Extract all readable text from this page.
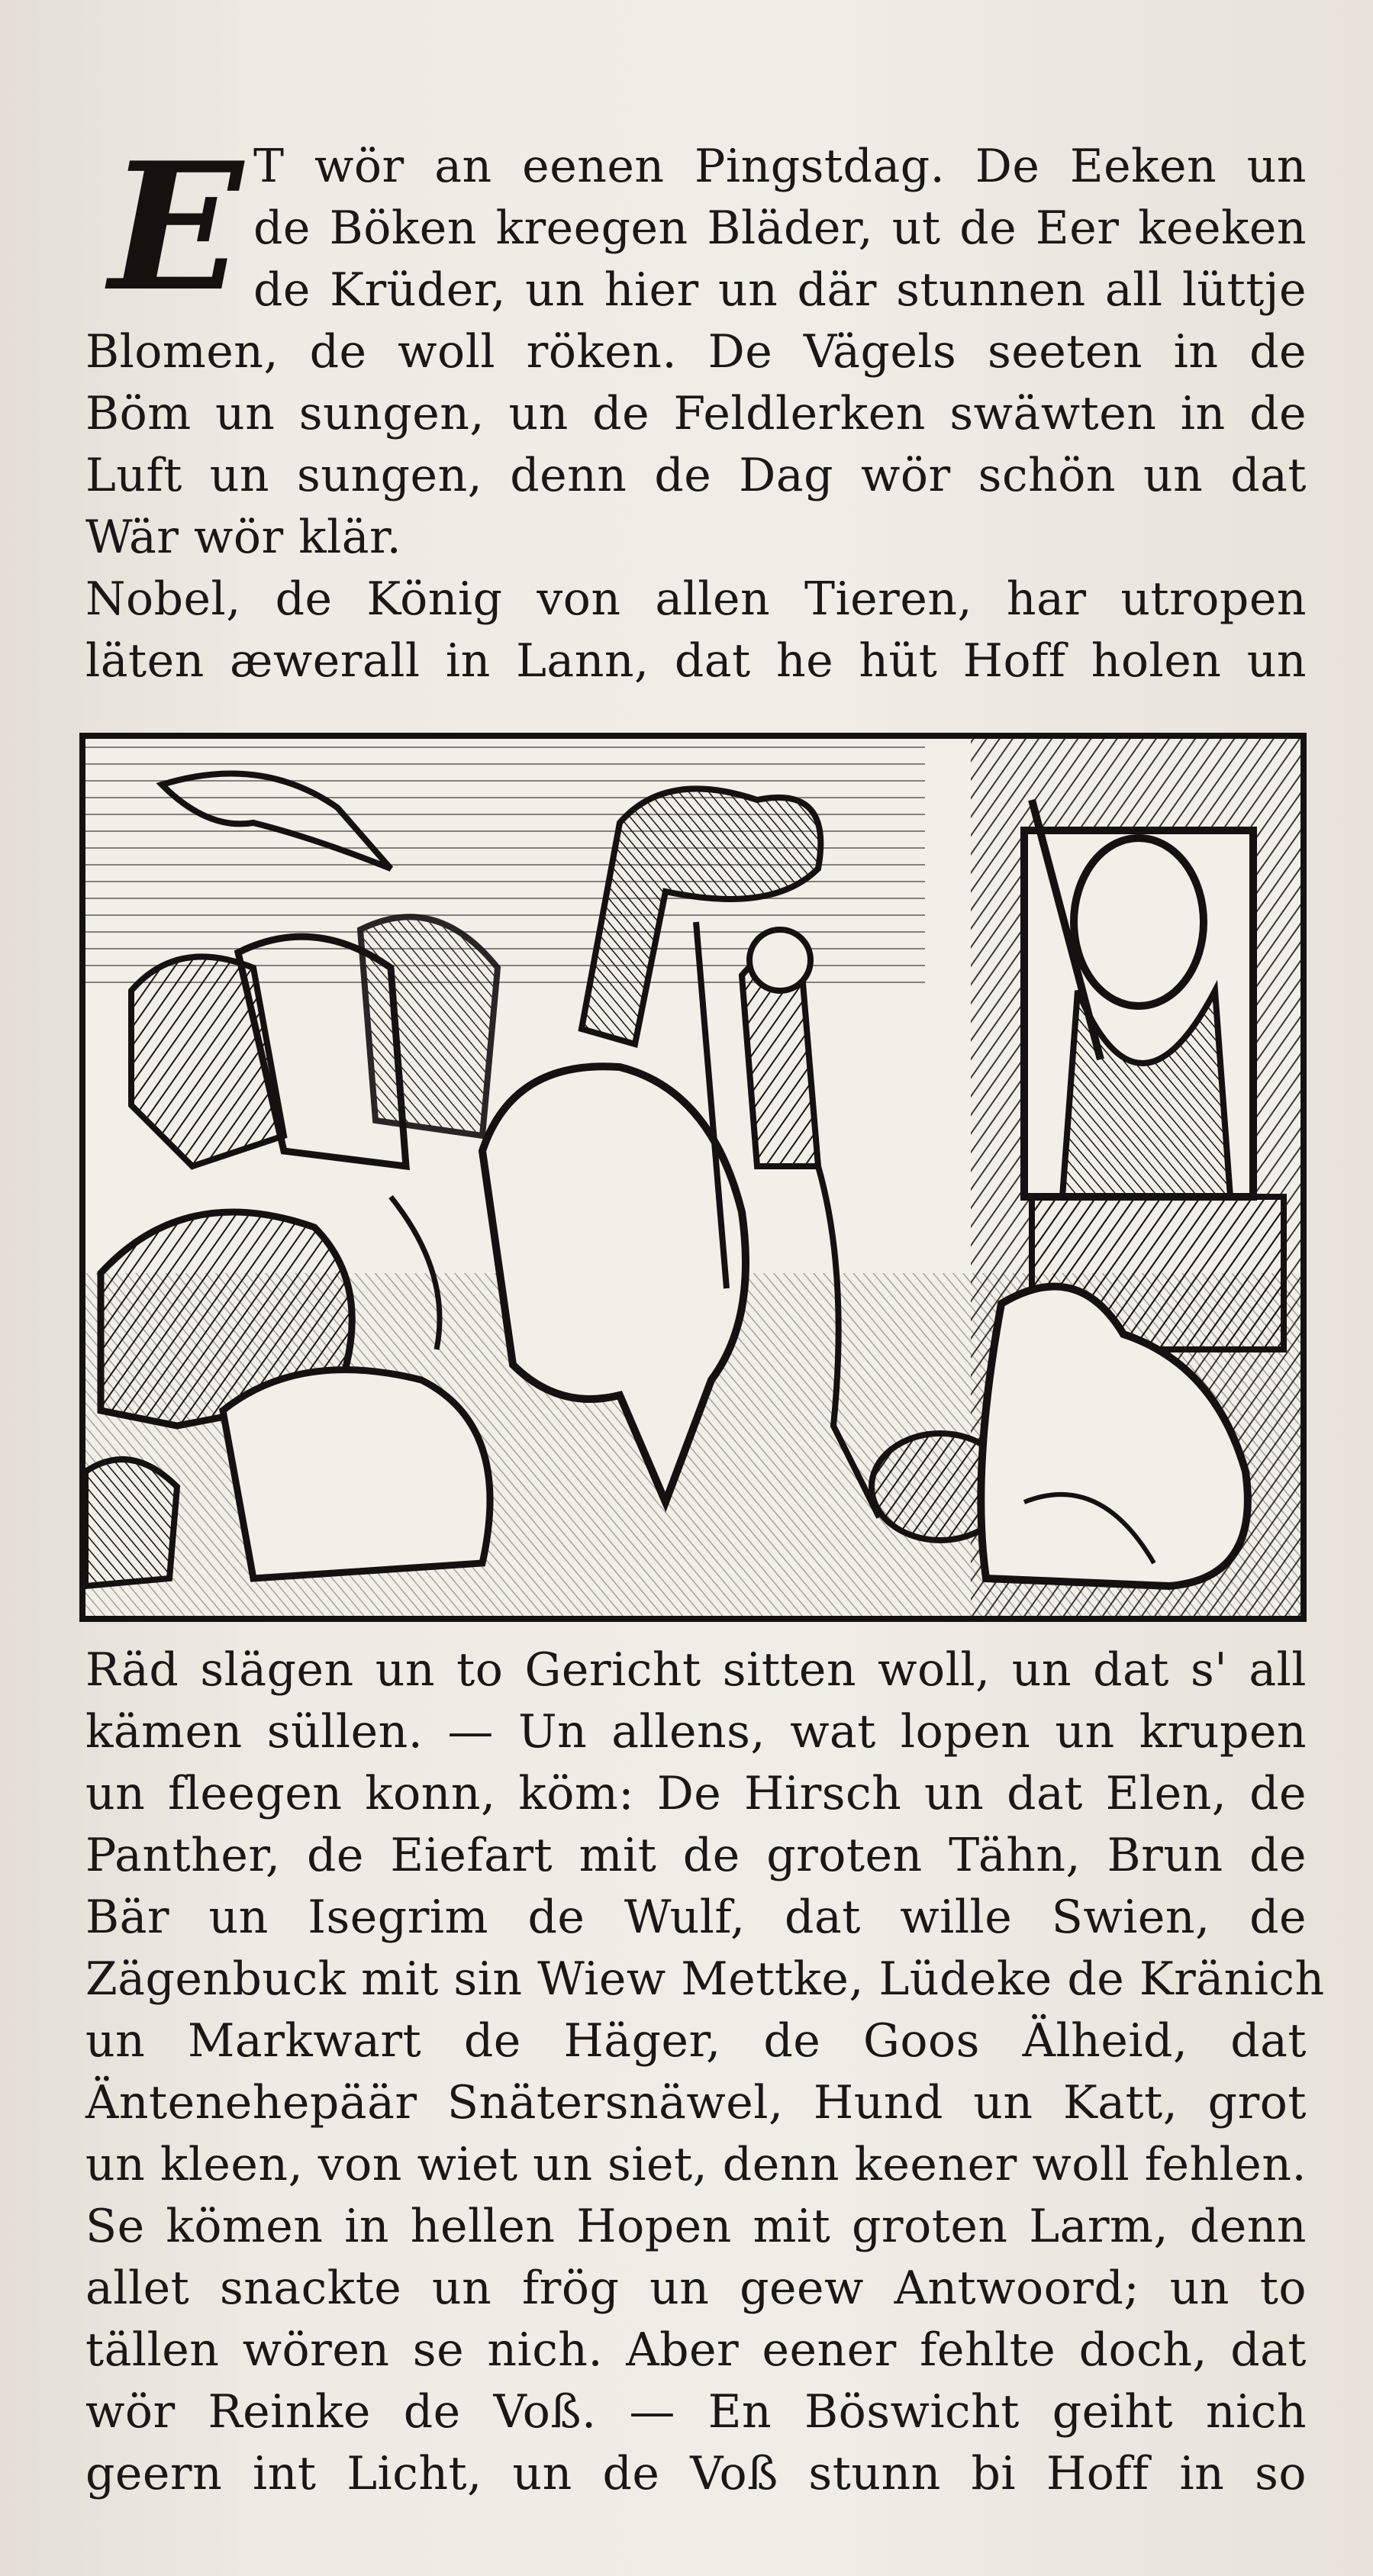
E T wör an eenen Pingstdag. De Eeken un
de Böken kreegen Bläder, ut de Eer keeken
de Krüder, un hier un där stunnen all lüttje
Blomen, de woll röken. De Vägels seeten in de
Böm un sungen, un de Feldlerken swäwten in de
Luft un sungen, denn de Dag wör schön un dat
Wär wör klär.
Nobel, de König von allen Tieren, har utropen
läten æwerall in Lann, dat he hüt Hoff holen un
Räd slägen un to Gericht sitten woll, un dat s' all
kämen süllen. — Un allens, wat lopen un krupen
un fleegen konn, köm: De Hirsch un dat Elen, de
Panther, de Eiefart mit de groten Tähn, Brun de
Bär un Isegrim de Wulf, dat wille Swien, de
Zägenbuck mit sin Wiew Mettke, Lüdeke de Kränich
un Markwart de Häger, de Goos Älheid, dat
Äntenehepäär Snätersnäwel, Hund un Katt, grot
un kleen, von wiet un siet, denn keener woll fehlen.
Se kömen in hellen Hopen mit groten Larm, denn
allet snackte un frög un geew Antwoord; un to
tällen wören se nich. Aber eener fehlte doch, dat
wör Reinke de Voß. — En Böswicht geiht nich
geern int Licht, un de Voß stunn bi Hoff in so
